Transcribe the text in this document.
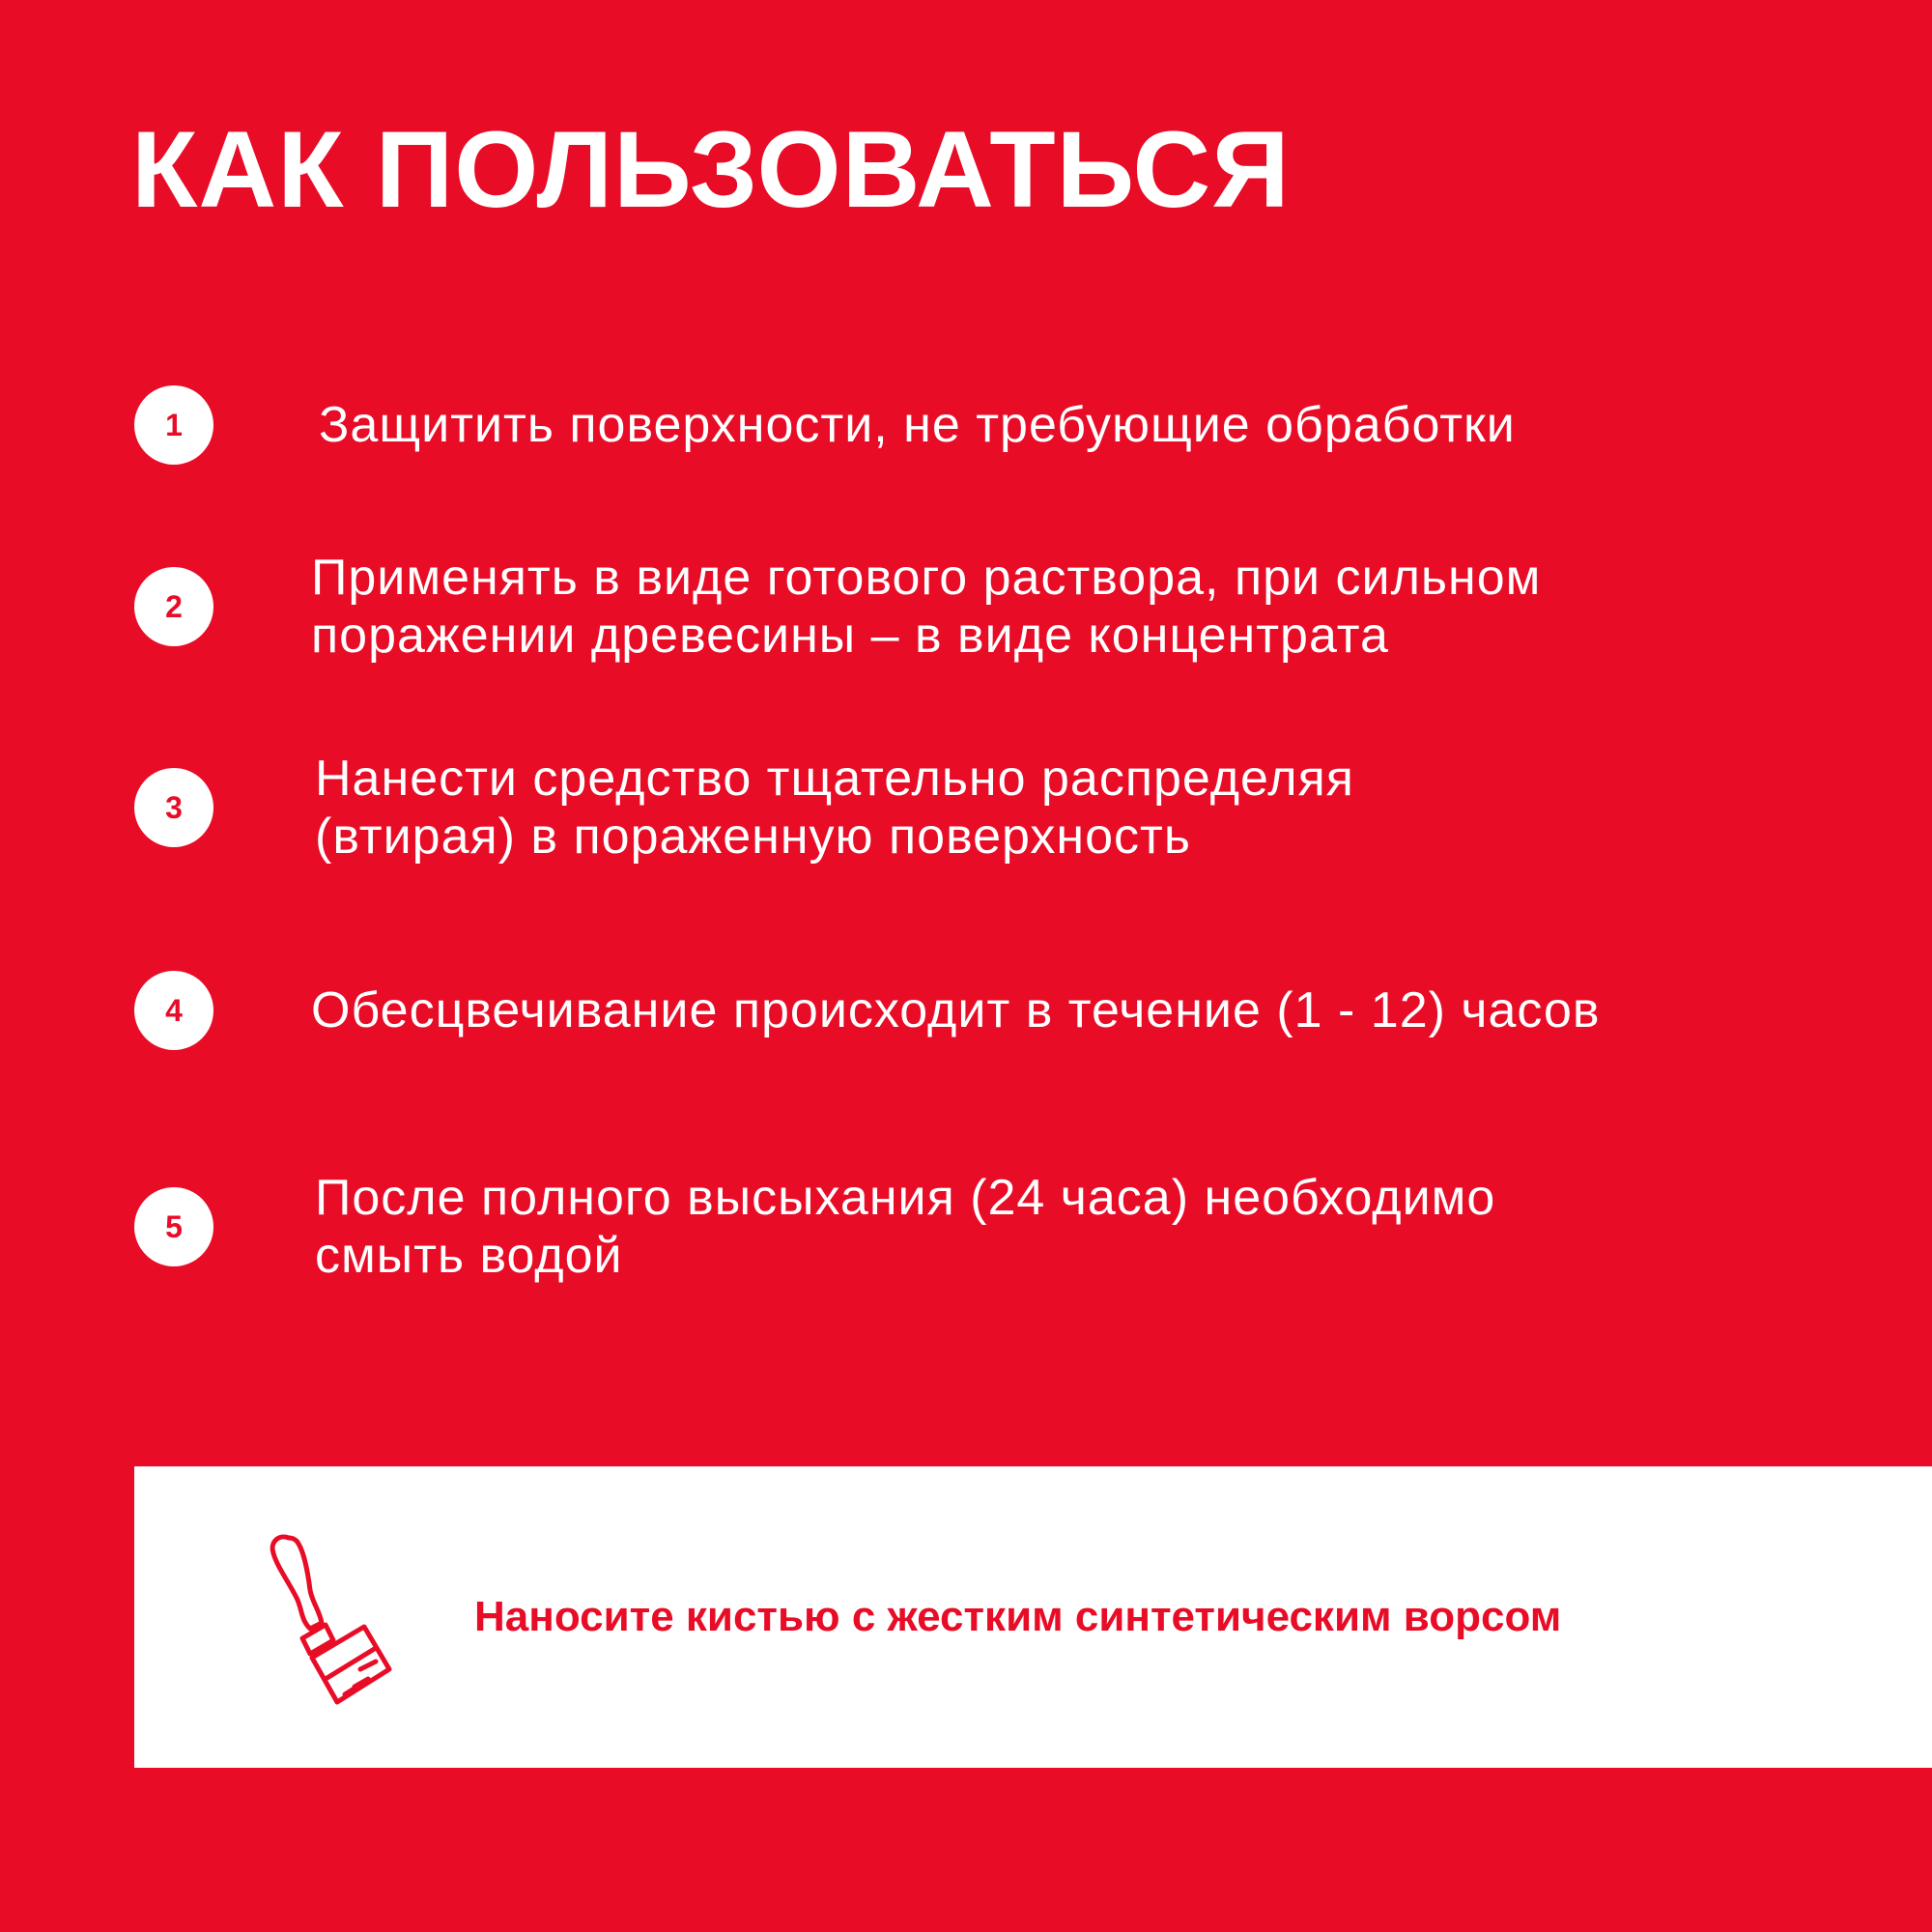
КАК ПОЛЬЗОВАТЬСЯ
1	Защитить поверхности, не требующие обработки
2
Применять в виде готового раствора, при сильном
поражении древесины – в виде концентрата
3
Нанести средство тщательно распределяя
(втирая) в пораженную поверхность
4	Обесцвечивание происходит в течение (1 - 12) часов
5
После полного высыхания (24 часа) необходимо
смыть водой
Наносите кистью с жестким синтетическим ворсом
